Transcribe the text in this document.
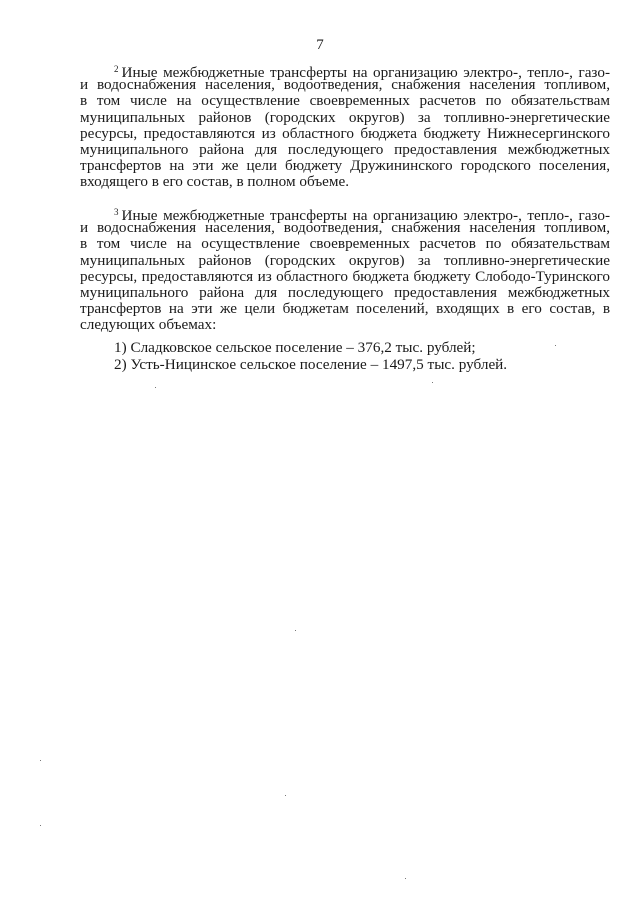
7
$^2$ Иные межбюджетные трансферты на организацию электро-, тепло-, газо-
и водоснабжения населения, водоотведения, снабжения населения топливом,
в том числе на осуществление своевременных расчетов по обязательствам
муниципальных районов (городских округов) за топливно-энергетические
ресурсы, предоставляются из областного бюджета бюджету Нижнесергинского
муниципального района для последующего предоставления межбюджетных
трансфертов на эти же цели бюджету Дружининского городского поселения,
входящего в его состав, в полном объеме.
$^3$ Иные межбюджетные трансферты на организацию электро-, тепло-, газо-
и водоснабжения населения, водоотведения, снабжения населения топливом,
в том числе на осуществление своевременных расчетов по обязательствам
муниципальных районов (городских округов) за топливно-энергетические
ресурсы, предоставляются из областного бюджета бюджету Слободо-Туринского
муниципального района для последующего предоставления межбюджетных
трансфертов на эти же цели бюджетам поселений, входящих в его состав, в
следующих объемах:
1) Сладковское сельское поселение – 376,2 тыс. рублей;
2) Усть-Ницинское сельское поселение – 1497,5 тыс. рублей.
